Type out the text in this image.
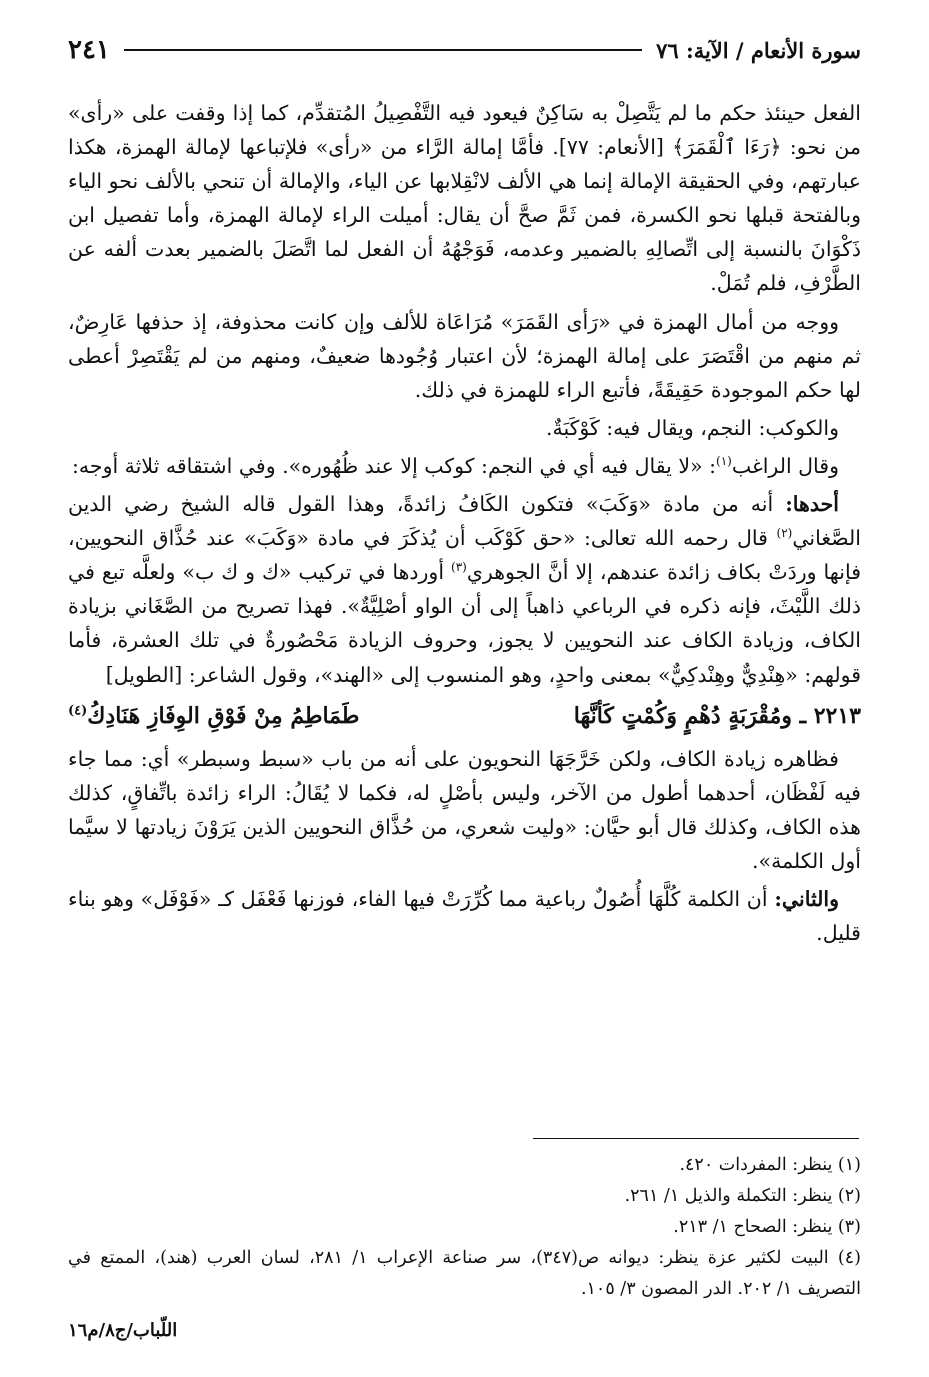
سورة الأنعام / الآية: ٧٦
٢٤١

الفعل حينئذ حكم ما لم يَتَّصِلْ به سَاكِنٌ فيعود فيه التَّفْصِيلُ المُتقدِّم، كما إذا وقفت على «رأى» من نحو: ﴿رَءَا ٱلْقَمَرَ﴾ [الأنعام: ٧٧]. فأمَّا إمالة الرَّاء من «رأى» فلإتباعها لإمالة الهمزة، هكذا عبارتهم، وفي الحقيقة الإمالة إنما هي الألف لانْقِلابها عن الياء، والإمالة أن تنحي بالألف نحو الياء وبالفتحة قبلها نحو الكسرة، فمن ثَمَّ صحَّ أن يقال: أميلت الراء لإمالة الهمزة، وأما تفصيل ابن ذَكْوَانَ بالنسبة إلى اتِّصالِهِ بالضمير وعدمه، فَوَجْهُهُ أن الفعل لما اتَّصَلَ بالضمير بعدت ألفه عن الطَّرْفِ، فلم تُمَلْ.

ووجه من أمال الهمزة في «رَأى القَمَرَ» مُرَاعَاة للألف وإن كانت محذوفة، إذ حذفها عَارِضٌ، ثم منهم من اقْتَصَرَ على إمالة الهمزة؛ لأن اعتبار وُجُودها ضعيفٌ، ومنهم من لم يَقْتَصِرْ أعطى لها حكم الموجودة حَقِيقَةً، فأتبع الراء للهمزة في ذلك.

والكوكب: النجم، ويقال فيه: كَوْكَبَةٌ.

وقال الراغب$^{(١)}$: «لا يقال فيه أي في النجم: كوكب إلا عند ظُهُوره». وفي اشتقاقه ثلاثة أوجه:

أحدها: أنه من مادة «وَكَبَ» فتكون الكَافُ زائدةً، وهذا القول قاله الشيخ رضي الدين الصَّغاني$^{(٢)}$ قال رحمه الله تعالى: «حق كَوْكَب أن يُذكَرَ في مادة «وَكَبَ» عند حُذَّاق النحويين، فإنها وردَتْ بكاف زائدة عندهم، إلا أنَّ الجوهري$^{(٣)}$ أوردها في تركيب «ك و ك ب» ولعلَّه تبع في ذلك اللَّيْثَ، فإنه ذكره في الرباعي ذاهباً إلى أن الواو أصْلِيَّةٌ». فهذا تصريح من الصَّغَاني بزيادة الكاف، وزيادة الكاف عند النحويين لا يجوز، وحروف الزيادة مَحْصُورةٌ في تلك العشرة، فأما قولهم: «هِنْدِيٌّ وهِنْدكِيٌّ» بمعنى واحدٍ، وهو المنسوب إلى «الهند»، وقول الشاعر: [الطويل]

٢٢١٣ ـ ومُقْرَبَةٍ دُهْمٍ وَكُمْتٍ كَأنَّهَا
طَمَاطِمُ مِنْ فَوْقِ الوِفَازِ هَنَادِكُ$^{(٤)}$

فظاهره زيادة الكاف، ولكن خَرَّجَهَا النحويون على أنه من باب «سبط وسبطر» أي: مما جاء فيه لَفْظَان، أحدهما أطول من الآخر، وليس بأصْلٍ له، فكما لا يُقَالُ: الراء زائدة باتِّفاقٍ، كذلك هذه الكاف، وكذلك قال أبو حيَّان: «وليت شعري، من حُذَّاق النحويين الذين يَرَوْنَ زيادتها لا سيَّما أول الكلمة».

والثاني: أن الكلمة كُلَّهَا أُصُولٌ رباعية مما كُرِّرَتْ فيها الفاء، فوزنها فَعْفَل كـ «فَوْفَل» وهو بناء قليل.

(١) ينظر: المفردات ٤٢٠.
(٢) ينظر: التكملة والذيل ١/ ٢٦١.
(٣) ينظر: الصحاح ١/ ٢١٣.
(٤) البيت لكثير عزة ينظر: ديوانه ص(٣٤٧)، سر صناعة الإعراب ١/ ٢٨١، لسان العرب (هند)، الممتع في التصريف ١/ ٢٠٢. الدر المصون ٣/ ١٠٥.
اللّباب/ج٨/م١٦
